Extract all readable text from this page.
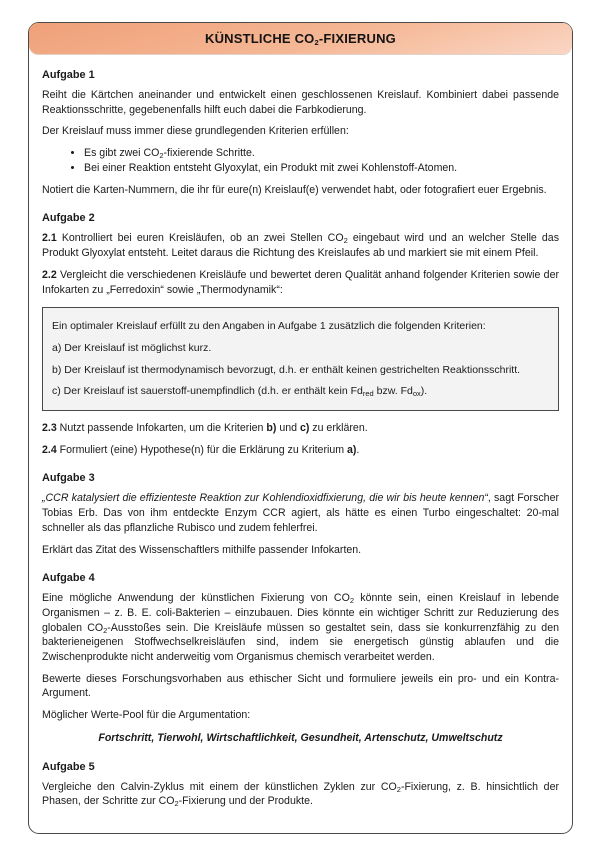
KÜNSTLICHE $CO_2$-FIXIERUNG
Aufgabe 1

Reiht die Kärtchen aneinander und entwickelt einen geschlossenen Kreislauf. Kombiniert dabei passende Reaktionsschritte, gegebenenfalls hilft euch dabei die Farbkodierung.

Der Kreislauf muss immer diese grundlegenden Kriterien erfüllen:

• Es gibt zwei $CO_2$-fixierende Schritte.
• Bei einer Reaktion entsteht Glyoxylat, ein Produkt mit zwei Kohlenstoff-Atomen.

Notiert die Karten-Nummern, die ihr für eure(n) Kreislauf(e) verwendet habt, oder fotografiert euer Ergebnis.

Aufgabe 2

2.1 Kontrolliert bei euren Kreisläufen, ob an zwei Stellen $CO_2$ eingebaut wird und an welcher Stelle das Produkt Glyoxylat entsteht. Leitet daraus die Richtung des Kreislaufes ab und markiert sie mit einem Pfeil.

2.2 Vergleicht die verschiedenen Kreisläufe und bewertet deren Qualität anhand folgender Kriterien sowie der Infokarten zu „Ferredoxin“ sowie „Thermodynamik“:

Ein optimaler Kreislauf erfüllt zu den Angaben in Aufgabe 1 zusätzlich die folgenden Kriterien:

a) Der Kreislauf ist möglichst kurz.

b) Der Kreislauf ist thermodynamisch bevorzugt, d.h. er enthält keinen gestrichelten Reaktionsschritt.

c) Der Kreislauf ist sauerstoff-unempfindlich (d.h. er enthält kein $Fd_{red}$ bzw. $Fd_{ox}$).

2.3 Nutzt passende Infokarten, um die Kriterien b) und c) zu erklären.

2.4 Formuliert (eine) Hypothese(n) für die Erklärung zu Kriterium a).

Aufgabe 3

„CCR katalysiert die effizienteste Reaktion zur Kohlendioxidfixierung, die wir bis heute kennen“, sagt Forscher Tobias Erb. Das von ihm entdeckte Enzym CCR agiert, als hätte es einen Turbo eingeschaltet: 20-mal schneller als das pflanzliche Rubisco und zudem fehlerfrei.

Erklärt das Zitat des Wissenschaftlers mithilfe passender Infokarten.

Aufgabe 4

Eine mögliche Anwendung der künstlichen Fixierung von $CO_2$ könnte sein, einen Kreislauf in lebende Organismen – z. B. E. coli-Bakterien – einzubauen. Dies könnte ein wichtiger Schritt zur Reduzierung des globalen $CO_2$-Ausstoßes sein. Die Kreisläufe müssen so gestaltet sein, dass sie konkurrenzfähig zu den bakterieneigenen Stoffwechselkreisläufen sind, indem sie energetisch günstig ablaufen und die Zwischenprodukte nicht anderweitig vom Organismus chemisch verarbeitet werden.

Bewerte dieses Forschungsvorhaben aus ethischer Sicht und formuliere jeweils ein pro- und ein Kontra-Argument.

Möglicher Werte-Pool für die Argumentation:

Fortschritt, Tierwohl, Wirtschaftlichkeit, Gesundheit, Artenschutz, Umweltschutz

Aufgabe 5

Vergleiche den Calvin-Zyklus mit einem der künstlichen Zyklen zur $CO_2$-Fixierung, z. B. hinsichtlich der Phasen, der Schritte zur $CO_2$-Fixierung und der Produkte.
